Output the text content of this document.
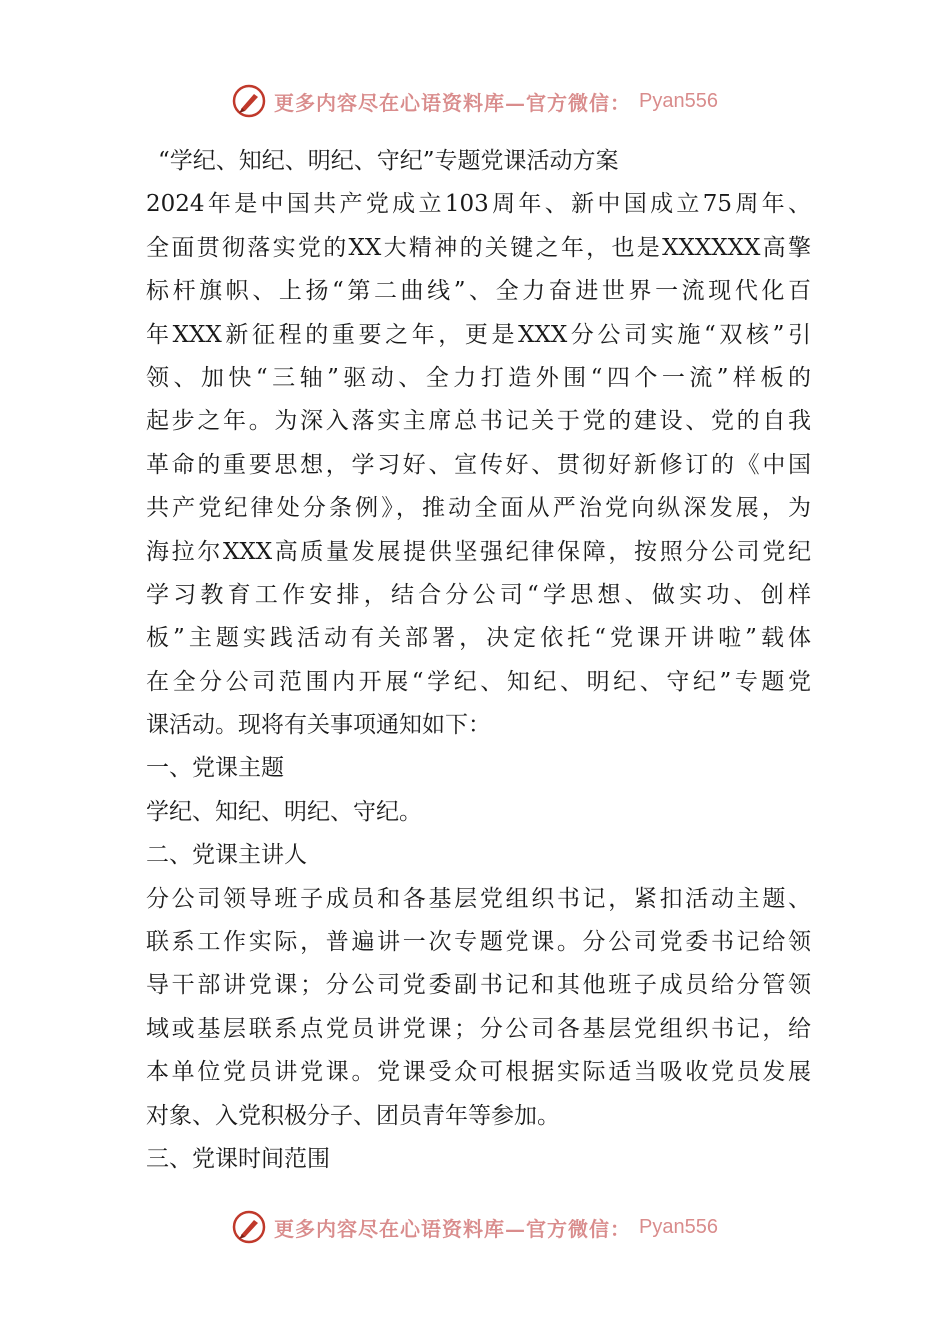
更多内容尽在心语资料库—官方微信： Pyan556
“学纪、知纪、明纪、守纪”专题党课活动方案
2024年是中国共产党成立103周年、新中国成立75周年、
全面贯彻落实党的XX大精神的关键之年，也是XXXXXX高擎
标杆旗帜、上扬“第二曲线”、全力奋进世界一流现代化百
年XXX新征程的重要之年，更是XXX分公司实施“双核”引
领、加快“三轴”驱动、全力打造外围“四个一流”样板的
起步之年。为深入落实主席总书记关于党的建设、党的自我
革命的重要思想，学习好、宣传好、贯彻好新修订的《中国
共产党纪律处分条例》，推动全面从严治党向纵深发展，为
海拉尔XXX高质量发展提供坚强纪律保障，按照分公司党纪
学习教育工作安排，结合分公司“学思想、做实功、创样
板”主题实践活动有关部署，决定依托“党课开讲啦”载体
在全分公司范围内开展“学纪、知纪、明纪、守纪”专题党
课活动。现将有关事项通知如下：
一、党课主题
学纪、知纪、明纪、守纪。
二、党课主讲人
分公司领导班子成员和各基层党组织书记，紧扣活动主题、
联系工作实际，普遍讲一次专题党课。分公司党委书记给领
导干部讲党课；分公司党委副书记和其他班子成员给分管领
域或基层联系点党员讲党课；分公司各基层党组织书记，给
本单位党员讲党课。党课受众可根据实际适当吸收党员发展
对象、入党积极分子、团员青年等参加。
三、党课时间范围
更多内容尽在心语资料库—官方微信： Pyan556
